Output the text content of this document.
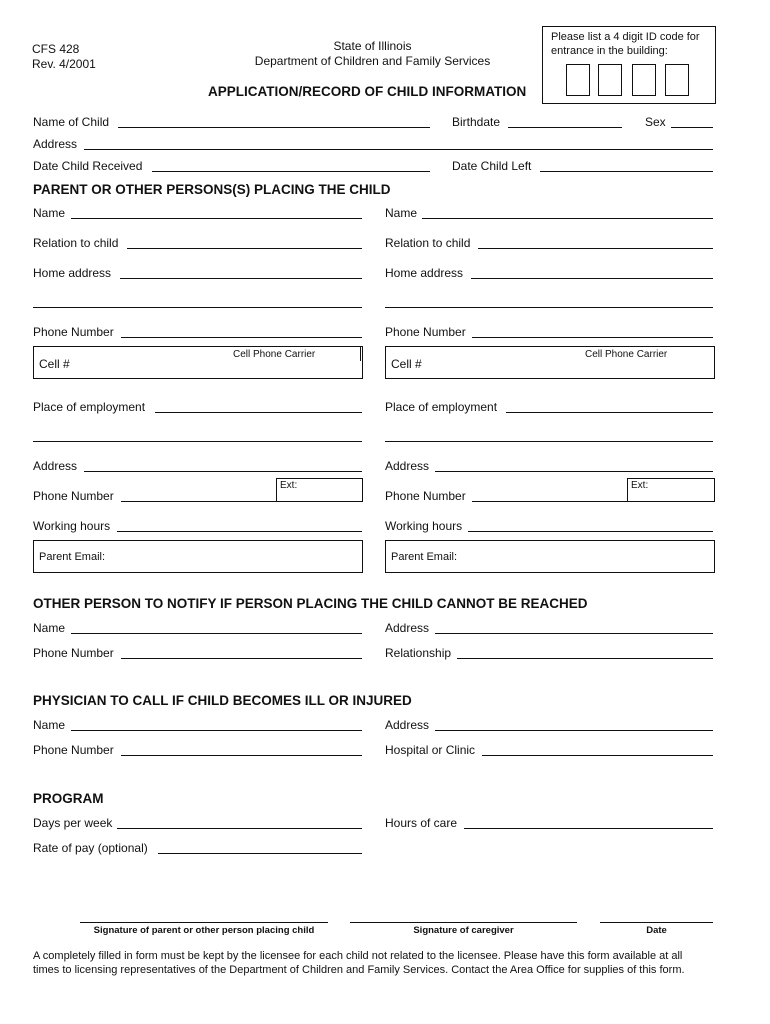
CFS 428
Rev. 4/2001
State of Illinois
Department of Children and Family Services
APPLICATION/RECORD OF CHILD INFORMATION
Please list a 4 digit ID code for
entrance in the building:
Name of Child	Birthdate	Sex
Address
Date Child Received	Date Child Left
PARENT OR OTHER PERSONS(S) PLACING THE CHILD
Name
Relation to child
Home address
Phone Number
Cell #
Cell Phone Carrier
Place of employment
Address
Phone Number
Ext:
Working hours
Parent Email:
Name
Relation to child
Home address
Phone Number
Cell #
Cell Phone Carrier
Place of employment
Address
Phone Number
Ext:
Working hours
Parent Email:
OTHER PERSON TO NOTIFY IF PERSON PLACING THE CHILD CANNOT BE REACHED
Name	Address
Phone Number	Relationship
PHYSICIAN TO CALL IF CHILD BECOMES ILL OR INJURED
Name	Address
Phone Number	Hospital or Clinic
PROGRAM
Days per week	Hours of care
Rate of pay (optional)
Signature of parent or other person placing child	Signature of caregiver	Date
A completely filled in form must be kept by the licensee for each child not related to the licensee. Please have this form available at all
times to licensing representatives of the Department of Children and Family Services. Contact the Area Office for supplies of this form.
